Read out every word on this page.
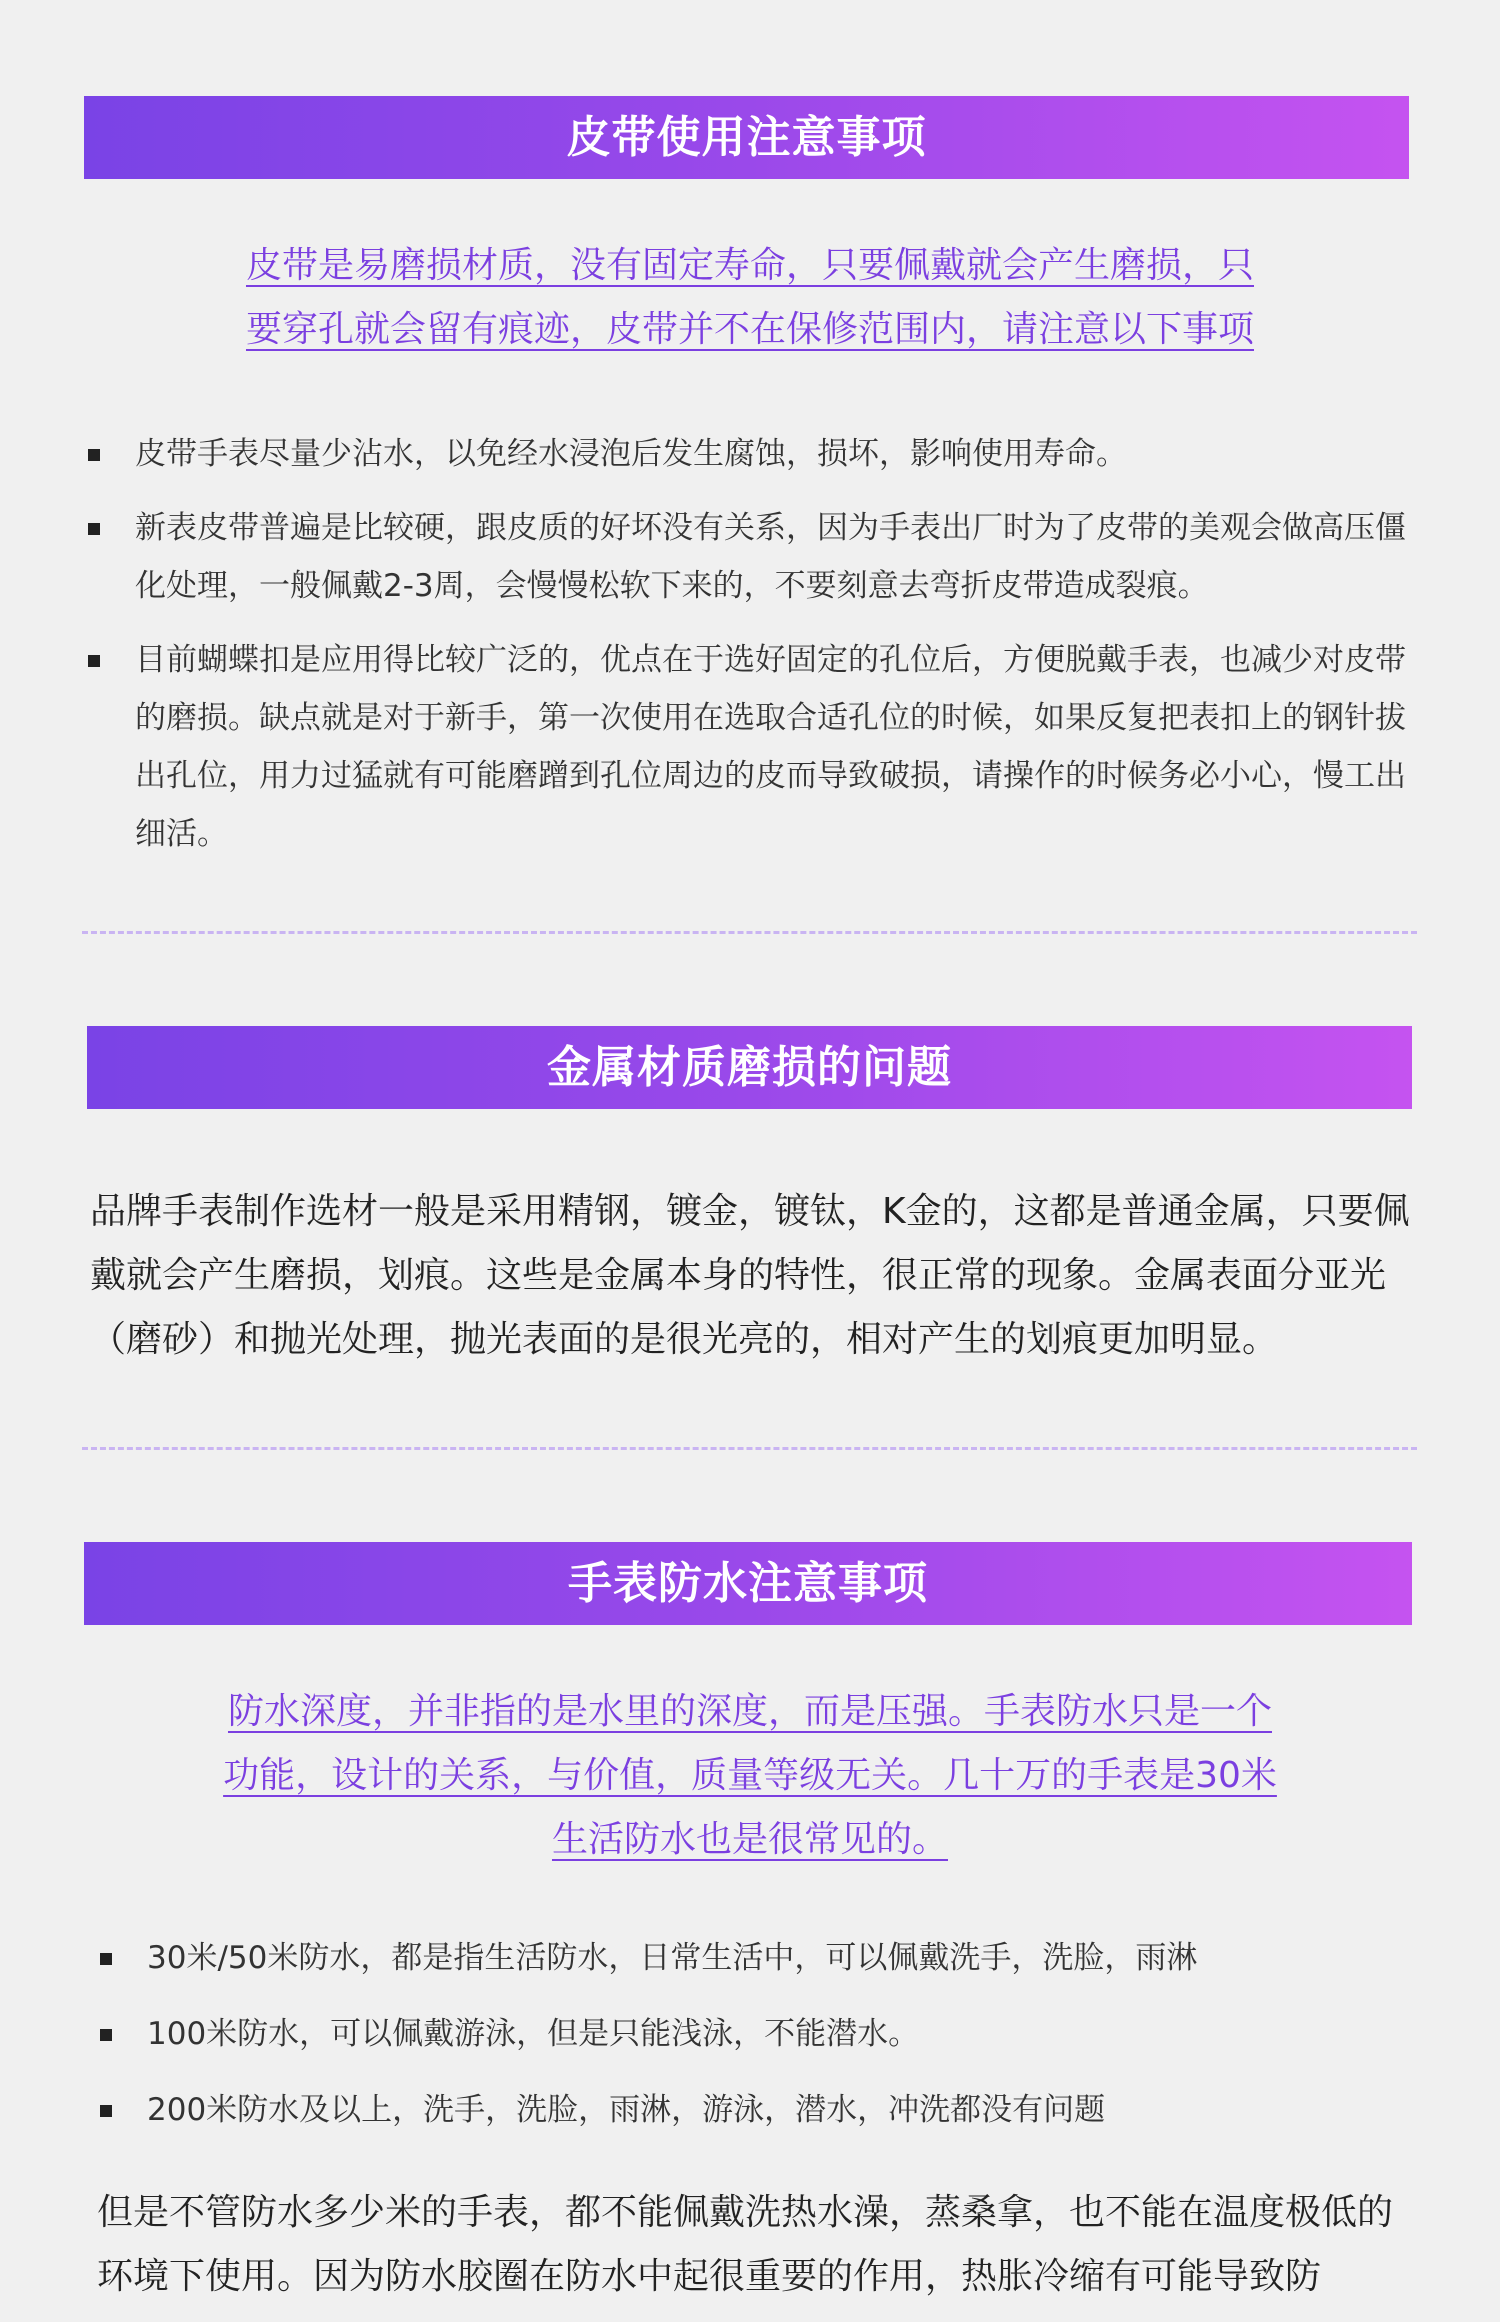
皮带使用注意事项
皮带是易磨损材质，没有固定寿命，只要佩戴就会产生磨损，只
要穿孔就会留有痕迹，皮带并不在保修范围内，请注意以下事项
皮带手表尽量少沾水，以免经水浸泡后发生腐蚀，损坏，影响使用寿命。
新表皮带普遍是比较硬，跟皮质的好坏没有关系，因为手表出厂时为了皮带的美观会做高压僵化处理，一般佩戴2-3周，会慢慢松软下来的，不要刻意去弯折皮带造成裂痕。
目前蝴蝶扣是应用得比较广泛的，优点在于选好固定的孔位后，方便脱戴手表，也减少对皮带的磨损。缺点就是对于新手，第一次使用在选取合适孔位的时候，如果反复把表扣上的钢针拔出孔位，用力过猛就有可能磨蹭到孔位周边的皮而导致破损，请操作的时候务必小心，慢工出细活。
金属材质磨损的问题
品牌手表制作选材一般是采用精钢，镀金，镀钛，K金的，这都是普通金属，只要佩戴就会产生磨损，划痕。这些是金属本身的特性，很正常的现象。金属表面分亚光（磨砂）和抛光处理，抛光表面的是很光亮的，相对产生的划痕更加明显。
手表防水注意事项
防水深度，并非指的是水里的深度，而是压强。手表防水只是一个
功能，设计的关系，与价值，质量等级无关。几十万的手表是30米
生活防水也是很常见的。
30米/50米防水，都是指生活防水，日常生活中，可以佩戴洗手，洗脸，雨淋
100米防水，可以佩戴游泳，但是只能浅泳，不能潜水。
200米防水及以上，洗手，洗脸，雨淋，游泳，潜水，冲洗都没有问题
但是不管防水多少米的手表，都不能佩戴洗热水澡，蒸桑拿，也不能在温度极低的环境下使用。因为防水胶圈在防水中起很重要的作用，热胀冷缩有可能导致防
